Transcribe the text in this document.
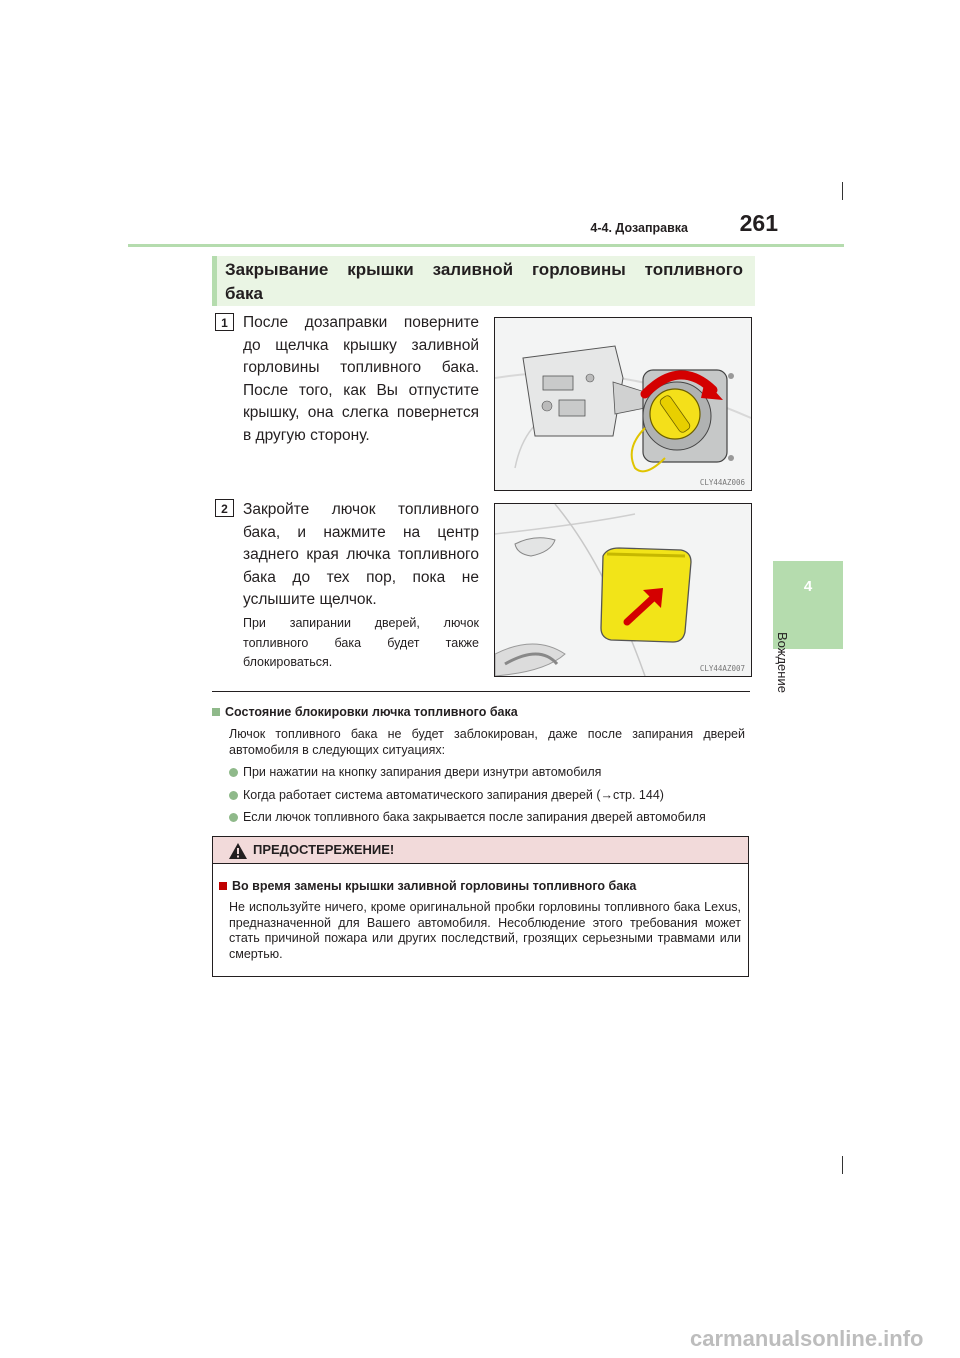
4-4. Дозаправка 261
4
Вождение
Закрывание крышки заливной горловины топливного
бака
1 После дозаправки поверните
до щелчка крышку заливной
горловины топливного бака.
После того, как Вы отпустите
крышку, она слегка повернется
в другую сторону.
CLY44AZ006
2 Закройте лючок топливного
бака, и нажмите на центр
заднего края лючка топливного
бака до тех пор, пока не
услышите щелчок.
При запирании дверей, лючок топливного бака будет также блокироваться.	CLY44AZ007
Состояние блокировки лючка топливного бака
Лючок топливного бака не будет заблокирован, даже после запирания дверей автомобиля в следующих ситуациях:
При нажатии на кнопку запирания двери изнутри автомобиля
Когда работает система автоматического запирания дверей (→стр. 144)
Если лючок топливного бака закрывается после запирания дверей автомобиля
ПРЕДОСТЕРЕЖЕНИЕ!
Во время замены крышки заливной горловины топливного бака
Не используйте ничего, кроме оригинальной пробки горловины топливного бака Lexus, предназначенной для Вашего автомобиля. Несоблюдение этого требования может стать причиной пожара или других последствий, грозящих серьезными травмами или смертью.
carmanualsonline.info
